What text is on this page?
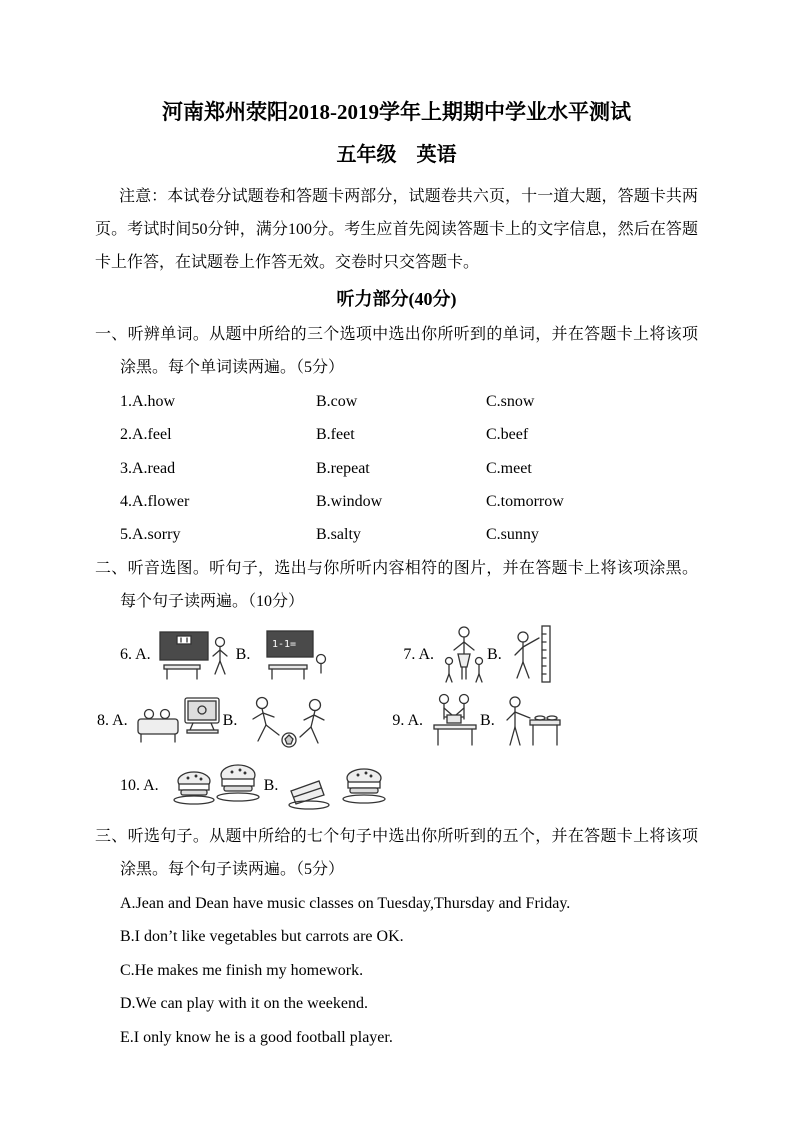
河南郑州荥阳2018-2019学年上期期中学业水平测试
五年级　英语

注意：本试卷分试题卷和答题卡两部分，试题卷共六页，十一道大题，答题卡共两页。考试时间50分钟，满分100分。考生应首先阅读答题卡上的文字信息，然后在答题卡上作答，在试题卷上作答无效。交卷时只交答题卡。

听力部分(40分)

一、听辨单词。从题中所给的三个选项中选出你所听到的单词，并在答题卡上将该项涂黑。每个单词读两遍。（5分）

1.A.how	B.cow	C.snow
2.A.feel	B.feet	C.beef
3.A.read	B.repeat	C.meet
4.A.flower	B.window	C.tomorrow
5.A.sorry	B.salty	C.sunny

二、听音选图。听句子，选出与你所听内容相符的图片，并在答题卡上将该项涂黑。每个句子读两遍。（10分）

6. A.	B.
1-1=
7. A.	B.
8. A.	B.	9. A.	B.
10. A.	B.

三、听选句子。从题中所给的七个句子中选出你所听到的五个，并在答题卡上将该项涂黑。每个句子读两遍。（5分）

A.Jean and Dean have music classes on Tuesday,Thursday and Friday.

B.I don’t like vegetables but carrots are OK.

C.He makes me finish my homework.

D.We can play with it on the weekend.

E.I only know he is a good football player.
